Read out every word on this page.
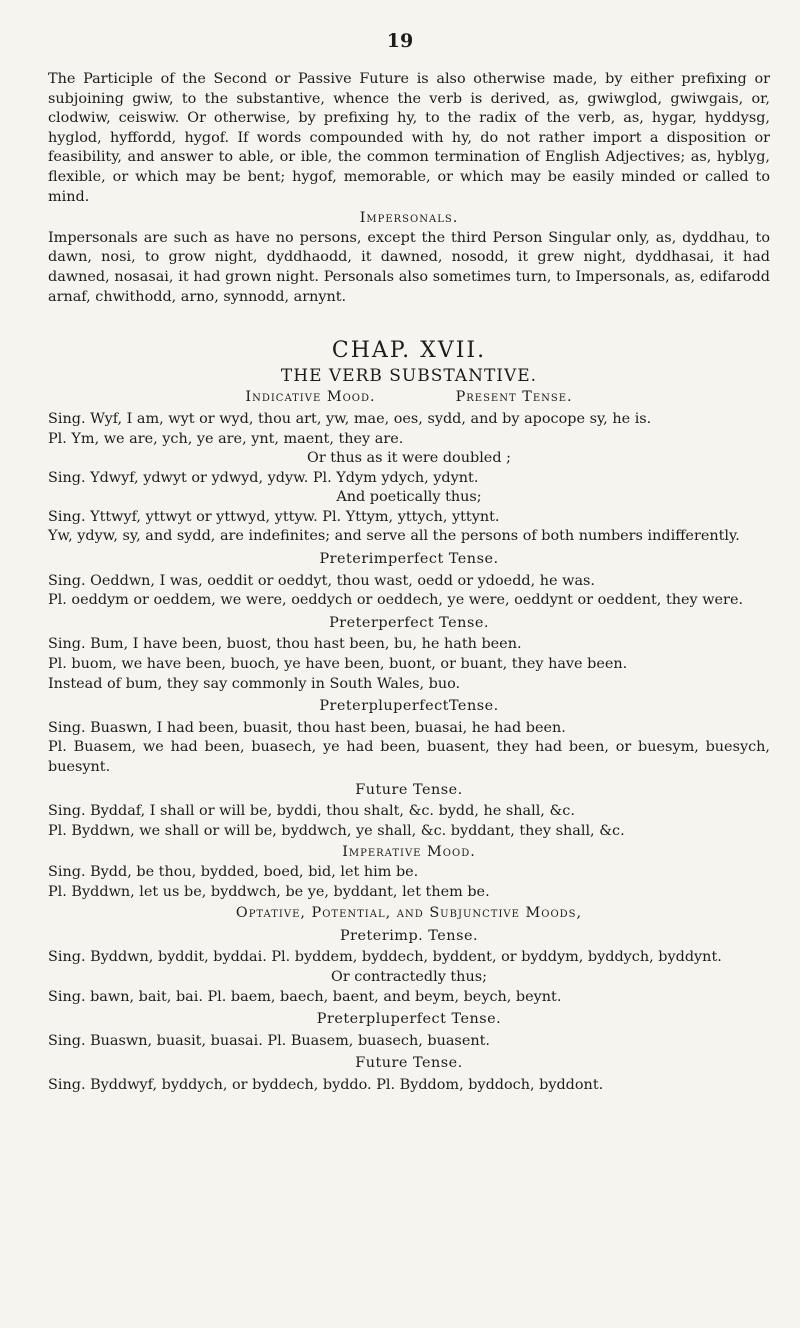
19

The Participle of the Second or Passive Future is also otherwise made, by either prefixing or subjoining gwiw, to the substantive, whence the verb is derived, as, gwiwglod, gwiwgais, or, clodwiw, ceiswiw. Or otherwise, by prefixing hy, to the radix of the verb, as, hygar, hyddysg, hyglod, hyffordd, hygof. If words compounded with hy, do not rather import a disposition or feasibility, and answer to able, or ible, the common termination of English Adjectives; as, hyblyg, flexible, or which may be bent; hygof, memorable, or which may be easily minded or called to mind.

Impersonals.

Impersonals are such as have no persons, except the third Person Singular only, as, dyddhau, to dawn, nosi, to grow night, dyddhaodd, it dawned, nosodd, it grew night, dyddhasai, it had dawned, nosasai, it had grown night. Personals also sometimes turn, to Impersonals, as, edifarodd arnaf, chwithodd, arno, synnodd, arnynt.

CHAP. XVII.
THE VERB SUBSTANTIVE.
Indicative Mood.	Present Tense.

Sing. Wyf, I am, wyt or wyd, thou art, yw, mae, oes, sydd, and by apocope sy, he is.

Pl. Ym, we are, ych, ye are, ynt, maent, they are.

Or thus as it were doubled ;

Sing. Ydwyf, ydwyt or ydwyd, ydyw. Pl. Ydym ydych, ydynt.

And poetically thus;

Sing. Yttwyf, yttwyt or yttwyd, yttyw. Pl. Yttym, yttych, yttynt.

Yw, ydyw, sy, and sydd, are indefinites; and serve all the persons of both numbers indifferently.

Preterimperfect Tense.

Sing. Oeddwn, I was, oeddit or oeddyt, thou wast, oedd or ydoedd, he was.

Pl. oeddym or oeddem, we were, oeddych or oeddech, ye were, oeddynt or oeddent, they were.

Preterperfect Tense.

Sing. Bum, I have been, buost, thou hast been, bu, he hath been.

Pl. buom, we have been, buoch, ye have been, buont, or buant, they have been.

Instead of bum, they say commonly in South Wales, buo.

PreterpluperfectTense.

Sing. Buaswn, I had been, buasit, thou hast been, buasai, he had been.

Pl. Buasem, we had been, buasech, ye had been, buasent, they had been, or buesym, buesych, buesynt.

Future Tense.

Sing. Byddaf, I shall or will be, byddi, thou shalt, &c. bydd, he shall, &c.

Pl. Byddwn, we shall or will be, byddwch, ye shall, &c. byddant, they shall, &c.

Imperative Mood.

Sing. Bydd, be thou, bydded, boed, bid, let him be.

Pl. Byddwn, let us be, byddwch, be ye, byddant, let them be.

Optative, Potential, and Subjunctive Moods,
Preterimp. Tense.

Sing. Byddwn, byddit, byddai. Pl. byddem, byddech, byddent, or byddym, byddych, byddynt.

Or contractedly thus;

Sing. bawn, bait, bai. Pl. baem, baech, baent, and beym, beych, beynt.

Preterpluperfect Tense.

Sing. Buaswn, buasit, buasai. Pl. Buasem, buasech, buasent.

Future Tense.

Sing. Byddwyf, byddych, or byddech, byddo. Pl. Byddom, byddoch, byddont.
